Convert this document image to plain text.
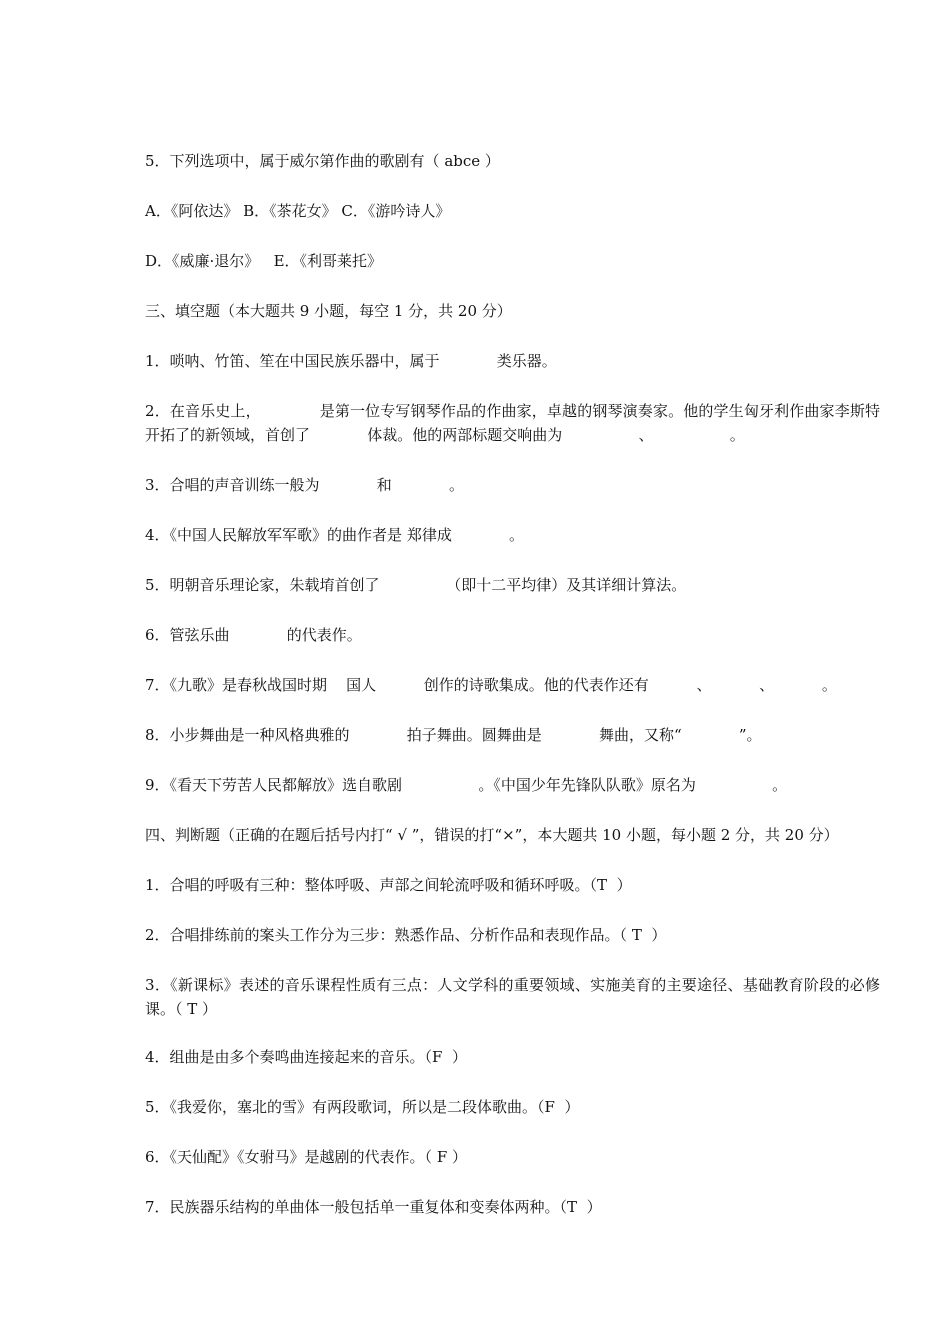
5．下列选项中，属于威尔第作曲的歌剧有（ abce ）
A．《阿依达》 B．《茶花女》 C．《游吟诗人》
D．《威廉·退尔》   E．《利哥莱托》
三、填空题（本大题共 9 小题，每空 1 分，共 20 分）
1．唢呐、竹笛、笙在中国民族乐器中，属于            类乐器。
2．在音乐史上，            是第一位专写钢琴作品的作曲家，卓越的钢琴演奏家。他的学生匈牙利作曲家李斯特开拓了的新领域，首创了            体裁。他的两部标题交响曲为                、                。
3．合唱的声音训练一般为            和            。
4．《中国人民解放军军歌》的曲作者是 郑律成            。
5．明朝音乐理论家，朱载堉首创了              （即十二平均律）及其详细计算法。
6．管弦乐曲            的代表作。
7．《九歌》是春秋战国时期    国人          创作的诗歌集成。他的代表作还有          、          、          。
8．小步舞曲是一种风格典雅的            拍子舞曲。圆舞曲是            舞曲，又称“            ”。
9．《看天下劳苦人民都解放》选自歌剧                。《中国少年先锋队队歌》原名为                。
四、判断题（正确的在题后括号内打“ √ ”，错误的打“×”，本大题共 10 小题，每小题 2 分，共 20 分）
1．合唱的呼吸有三种：整体呼吸、声部之间轮流呼吸和循环呼吸。（T  ）
2．合唱排练前的案头工作分为三步：熟悉作品、分析作品和表现作品。（ T  ）
3．《新课标》表述的音乐课程性质有三点：人文学科的重要领域、实施美育的主要途径、基础教育阶段的必修课。（ T ）
4．组曲是由多个奏鸣曲连接起来的音乐。（F  ）
5．《我爱你，塞北的雪》有两段歌词，所以是二段体歌曲。（F  ）
6．《天仙配》《女驸马》是越剧的代表作。（ F ）
7．民族器乐结构的单曲体一般包括单一重复体和变奏体两种。（T  ）
